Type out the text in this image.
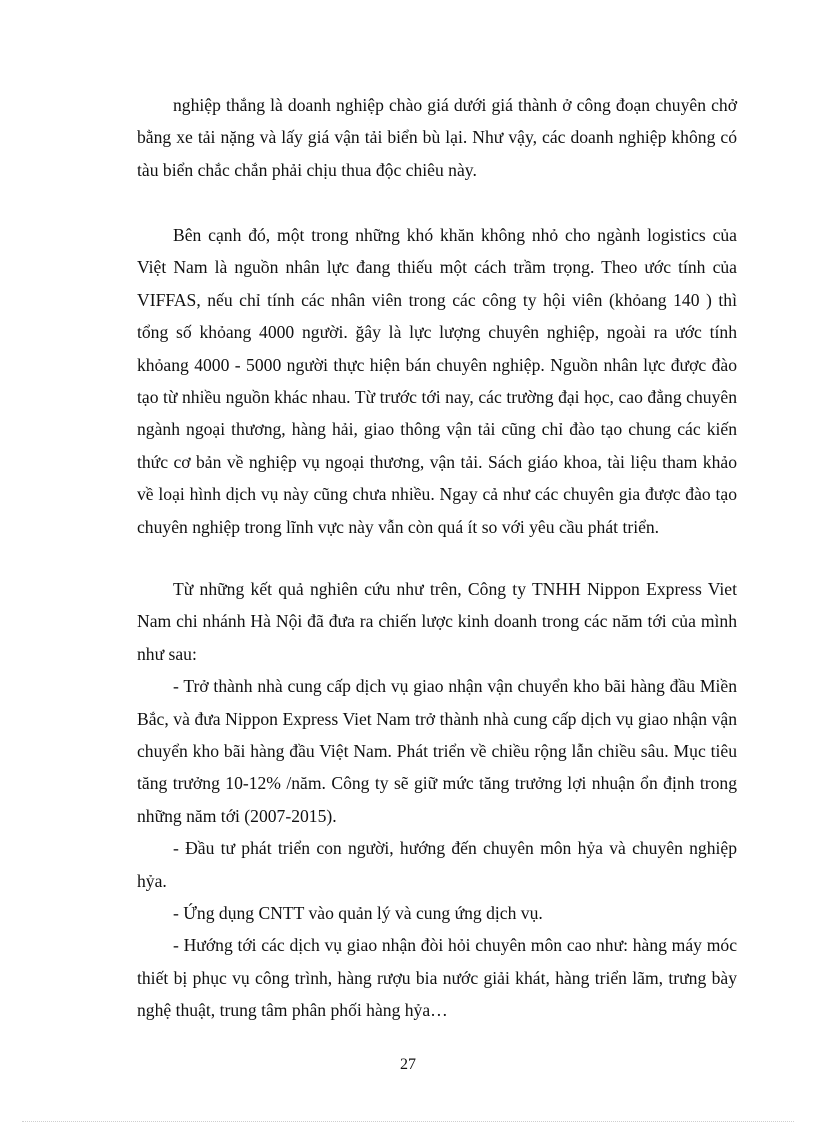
nghiệp thắng là doanh nghiệp chào giá dưới giá thành ở công đoạn chuyên chở bằng xe tải nặng và lấy giá vận tải biển bù lại. Như vậy, các doanh nghiệp không có tàu biển chắc chắn phải chịu thua độc chiêu này.

Bên cạnh đó, một trong những khó khăn không nhỏ cho ngành logistics của Việt Nam là nguồn nhân lực đang thiếu một cách trầm trọng. Theo ước tính của VIFFAS, nếu chỉ tính các nhân viên trong các công ty hội viên (khỏang 140 ) thì tổng số khỏang 4000 người. ğây là lực lượng chuyên nghiệp, ngoài ra ước tính khỏang 4000 - 5000 người thực hiện bán chuyên nghiệp. Nguồn nhân lực được đào tạo từ nhiều nguồn khác nhau. Từ trước tới nay, các trường đại học, cao đẳng chuyên ngành ngoại thương, hàng hải, giao thông vận tải cũng chỉ đào tạo chung các kiến thức cơ bản về nghiệp vụ ngoại thương, vận tải. Sách giáo khoa, tài liệu tham khảo về loại hình dịch vụ này cũng chưa nhiều. Ngay cả như các chuyên gia được đào tạo chuyên nghiệp trong lĩnh vực này vẫn còn quá ít so với yêu cầu phát triển.

Từ những kết quả nghiên cứu như trên, Công ty TNHH Nippon Express Viet Nam chi nhánh Hà Nội đã đưa ra chiến lược kinh doanh trong các năm tới của mình như sau:

- Trở thành nhà cung cấp dịch vụ giao nhận vận chuyển kho bãi hàng đầu Miền Bắc, và đưa Nippon Express Viet Nam trở thành nhà cung cấp dịch vụ giao nhận vận chuyển kho bãi hàng đầu Việt Nam. Phát triển về chiều rộng lẫn chiều sâu. Mục tiêu tăng trưởng 10-12% /năm. Công ty sẽ giữ mức tăng trưởng lợi nhuận ổn định trong những năm tới (2007-2015).

- Đầu tư phát triển con người, hướng đến chuyên môn hỷa và chuyên nghiệp hỷa.

- Ứng dụng CNTT vào quản lý và cung ứng dịch vụ.

- Hướng tới các dịch vụ giao nhận đòi hỏi chuyên môn cao như: hàng máy móc thiết bị phục vụ công trình, hàng rượu bia nước giải khát, hàng triển lãm, trưng bày nghệ thuật, trung tâm phân phối hàng hỷa…

27
